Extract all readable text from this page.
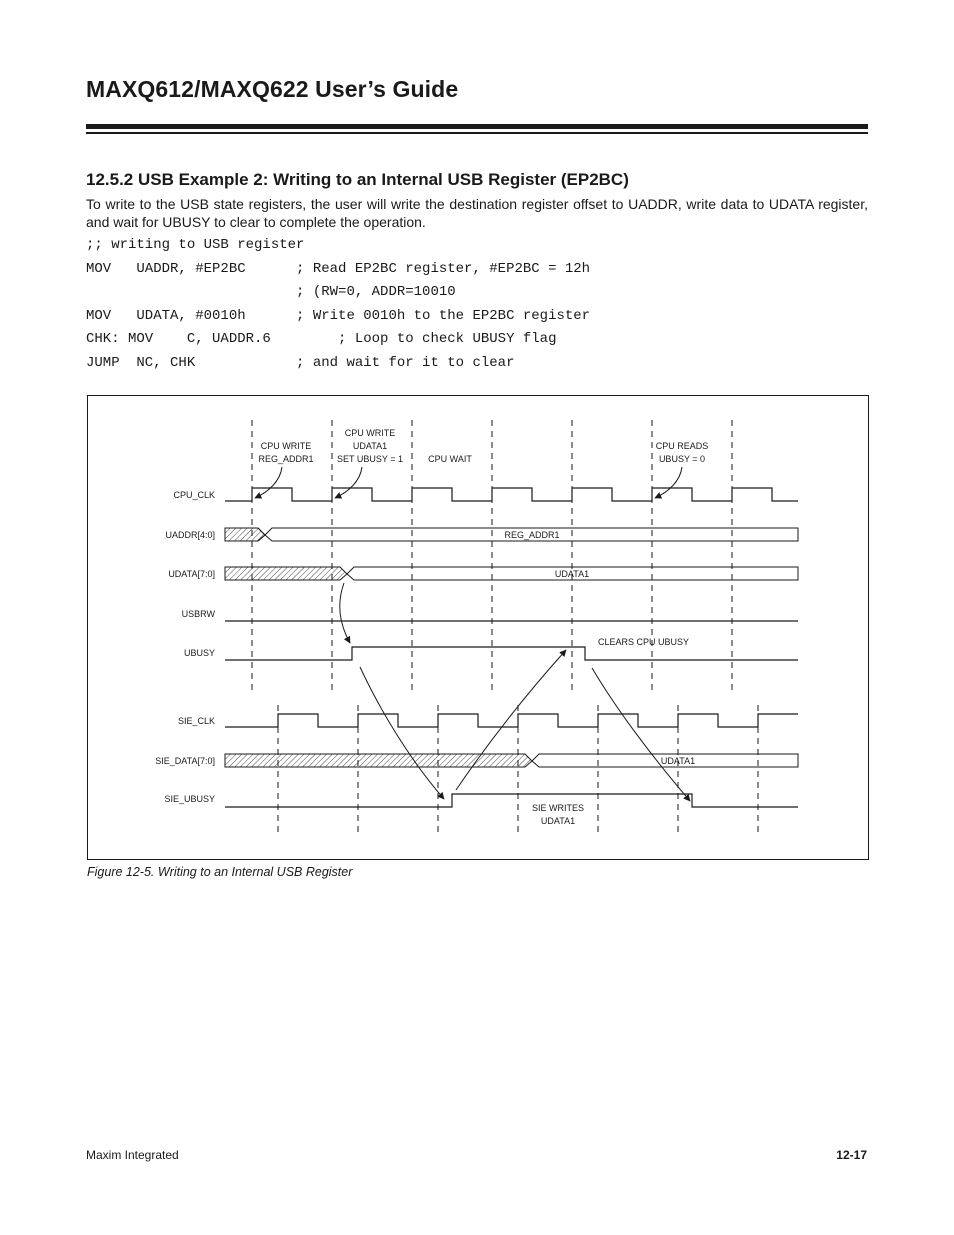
MAXQ612/MAXQ622 User’s Guide
12.5.2 USB Example 2: Writing to an Internal USB Register (EP2BC)

To write to the USB state registers, the user will write the destination register offset to UADDR, write data to UDATA register, and wait for UBUSY to clear to complete the operation.

;; writing to USB register
MOV   UADDR, #EP2BC      ; Read EP2BC register, #EP2BC = 12h
; (RW=0, ADDR=10010
MOV   UDATA, #0010h      ; Write 0010h to the EP2BC register
CHK: MOV    C, UADDR.6        ; Loop to check UBUSY flag
JUMP  NC, CHK            ; and wait for it to clear
CPU WRITE
REG_ADDR1
CPU WRITE
UDATA1
SET UBUSY = 1	CPU WAIT
CPU READS
UBUSY = 0
CPU_CLK
UADDR[4:0]
UDATA[7:0]
USBRW
UBUSY
SIE_CLK
SIE_DATA[7:0]
SIE_UBUSY
REG_ADDR1
UDATA1
CLEARS CPU UBUSY
UDATA1
SIE WRITES
UDATA1

Figure 12-5. Writing to an Internal USB Register

Maxim Integrated	12-17
